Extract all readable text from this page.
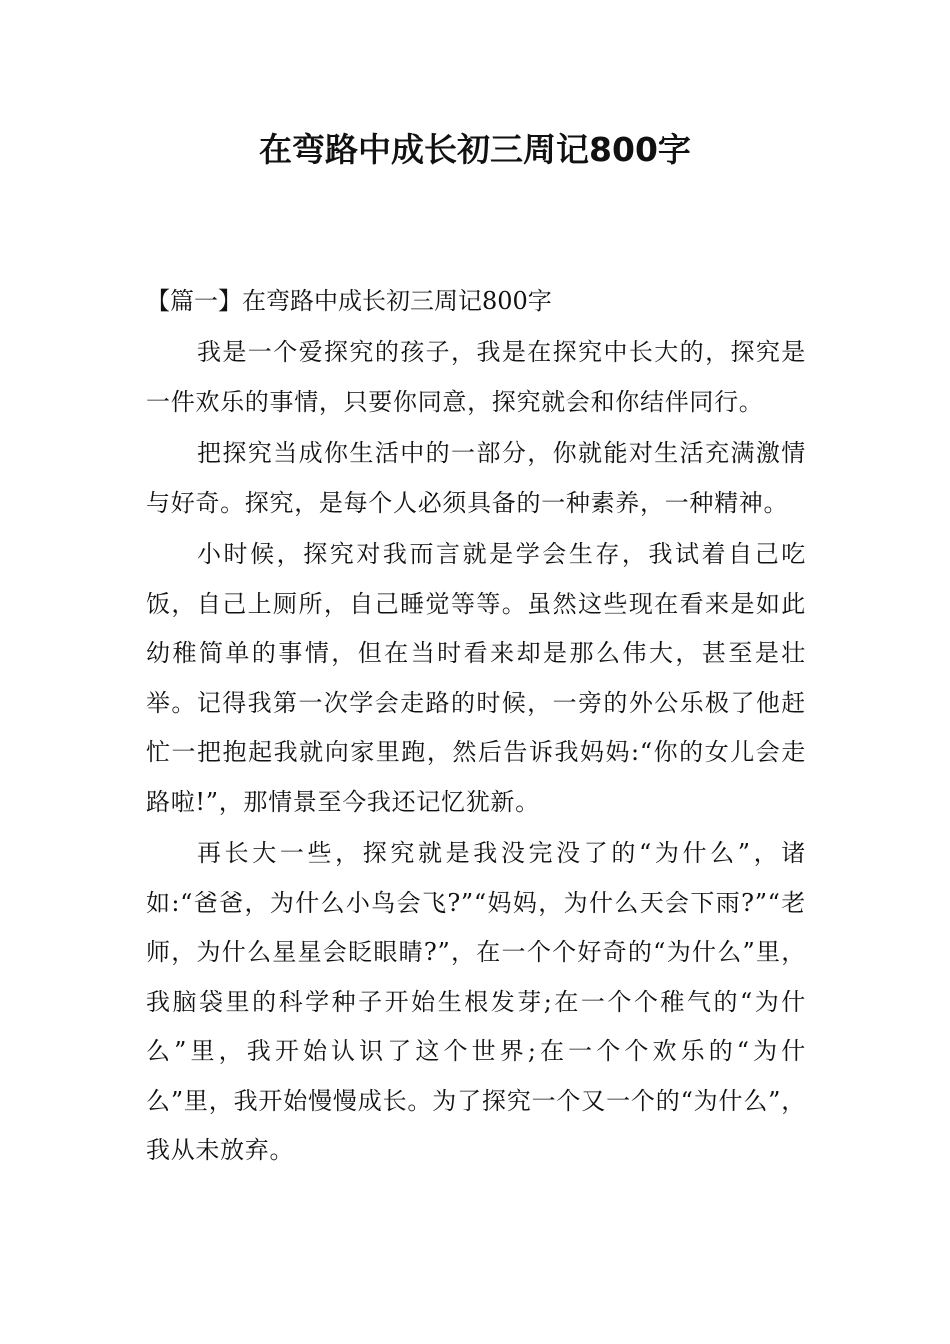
在弯路中成长初三周记800字

【篇一】在弯路中成长初三周记800字

我是一个爱探究的孩子，我是在探究中长大的，探究是一件欢乐的事情，只要你同意，探究就会和你结伴同行。

把探究当成你生活中的一部分，你就能对生活充满激情与好奇。探究，是每个人必须具备的一种素养，一种精神。

小时候，探究对我而言就是学会生存，我试着自己吃饭，自己上厕所，自己睡觉等等。虽然这些现在看来是如此幼稚简单的事情，但在当时看来却是那么伟大，甚至是壮举。记得我第一次学会走路的时候，一旁的外公乐极了他赶忙一把抱起我就向家里跑，然后告诉我妈妈:“你的女儿会走路啦!”，那情景至今我还记忆犹新。

再长大一些，探究就是我没完没了的“为什么”，诸如:“爸爸，为什么小鸟会飞?”“妈妈，为什么天会下雨?”“老师，为什么星星会眨眼睛?”，在一个个好奇的“为什么”里，我脑袋里的科学种子开始生根发芽;在一个个稚气的“为什么”里，我开始认识了这个世界;在一个个欢乐的“为什么”里，我开始慢慢成长。为了探究一个又一个的“为什么”，我从未放弃。
